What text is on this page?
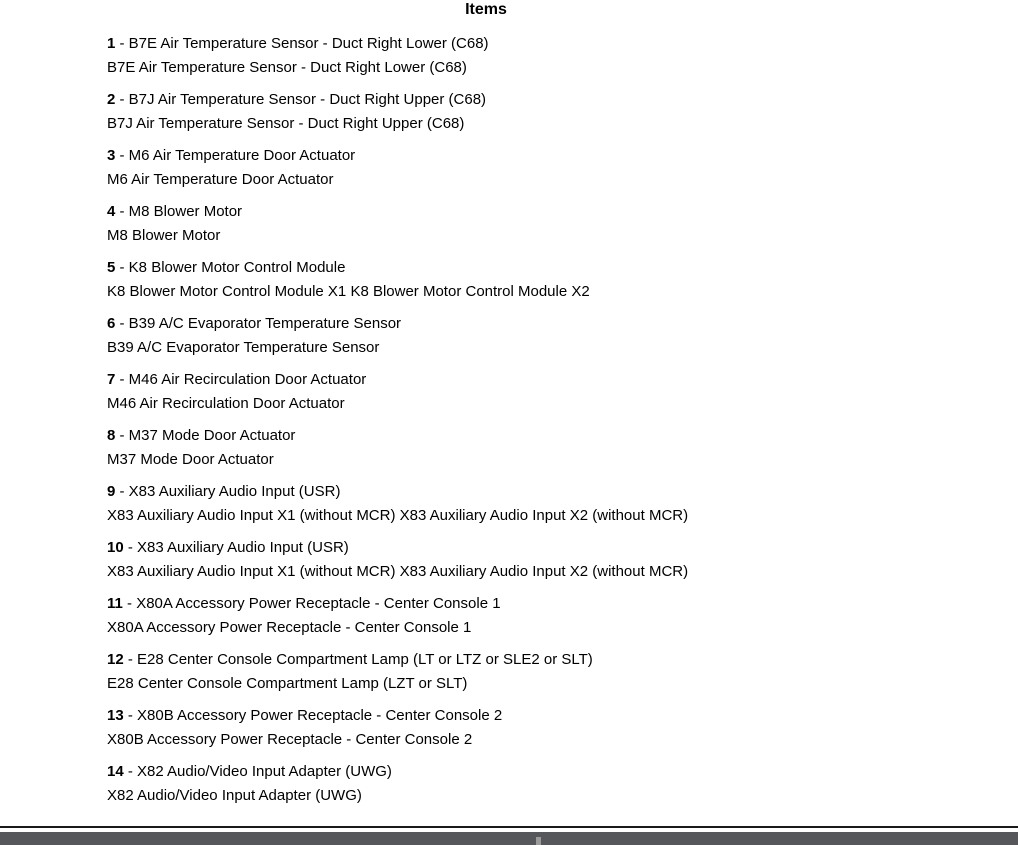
Items
1 - B7E Air Temperature Sensor - Duct Right Lower (C68)
B7E Air Temperature Sensor - Duct Right Lower (C68)
2 - B7J Air Temperature Sensor - Duct Right Upper (C68)
B7J Air Temperature Sensor - Duct Right Upper (C68)
3 - M6 Air Temperature Door Actuator
M6 Air Temperature Door Actuator
4 - M8 Blower Motor
M8 Blower Motor
5 - K8 Blower Motor Control Module
K8 Blower Motor Control Module X1 K8 Blower Motor Control Module X2
6 - B39 A/C Evaporator Temperature Sensor
B39 A/C Evaporator Temperature Sensor
7 - M46 Air Recirculation Door Actuator
M46 Air Recirculation Door Actuator
8 - M37 Mode Door Actuator
M37 Mode Door Actuator
9 - X83 Auxiliary Audio Input (USR)
X83 Auxiliary Audio Input X1 (without MCR) X83 Auxiliary Audio Input X2 (without MCR)
10 - X83 Auxiliary Audio Input (USR)
X83 Auxiliary Audio Input X1 (without MCR) X83 Auxiliary Audio Input X2 (without MCR)
11 - X80A Accessory Power Receptacle - Center Console 1
X80A Accessory Power Receptacle - Center Console 1
12 - E28 Center Console Compartment Lamp (LT or LTZ or SLE2 or SLT)
E28 Center Console Compartment Lamp (LZT or SLT)
13 - X80B Accessory Power Receptacle - Center Console 2
X80B Accessory Power Receptacle - Center Console 2
14 - X82 Audio/Video Input Adapter (UWG)
X82 Audio/Video Input Adapter (UWG)
